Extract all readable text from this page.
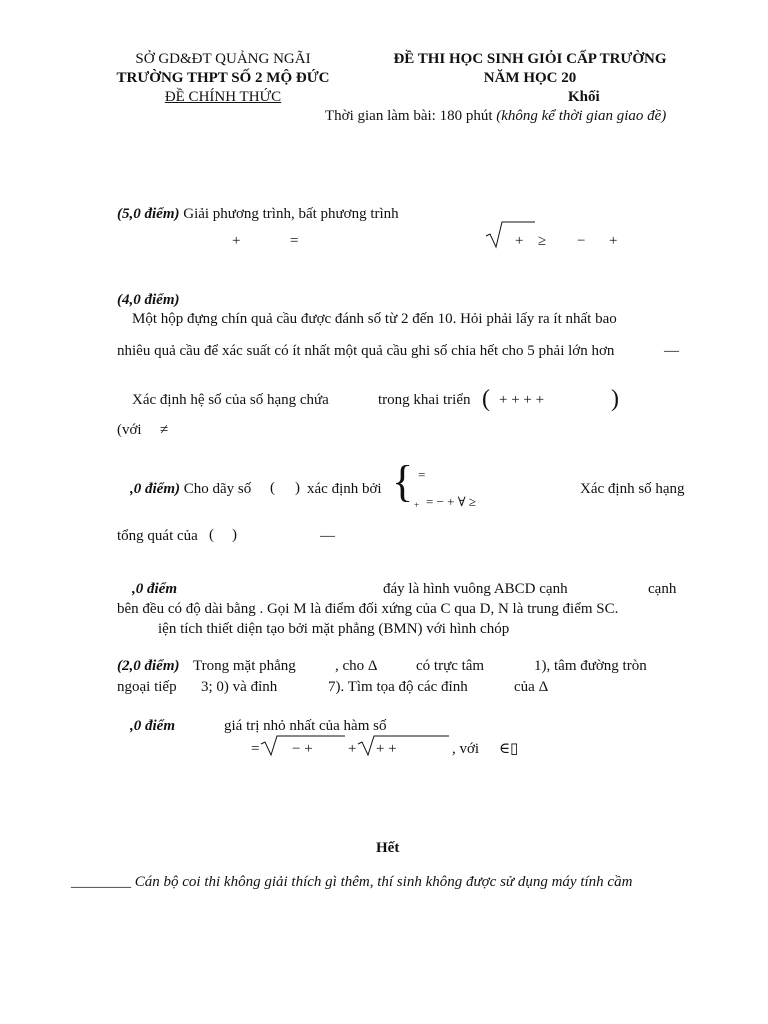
SỞ GD&ĐT QUẢNG NGÃI
TRƯỜNG THPT SỐ 2 MỘ ĐỨC
ĐỀ CHÍNH THỨC
ĐỀ THI HỌC SINH GIỎI CẤP TRƯỜNG
NĂM HỌC 20
Khối
Thời gian làm bài: 180 phút (không kể thời gian giao đề)
(5,0 điểm) Giải phương trình, bất phương trình
+	=	+ ≥ − +
(4,0 điểm)
Một hộp đựng chín quả cầu được đánh số từ 2 đến 10. Hỏi phải lấy ra ít nhất bao
nhiêu quả cầu để xác suất có ít nhất một quả cầu ghi số chia hết cho 5 phải lớn hơn	—
Xác định hệ số của số hạng chứa	trong khai triển ( + + + +	)
(với ≠
,0 điểm) Cho dãy số ( ) xác định bởi { =
+ = − + ∀ ≥
Xác định số hạng
tổng quát của ( )	—
,0 điểm	đáy là hình vuông ABCD cạnh	cạnh
bên đều có độ dài bằng . Gọi M là điểm đối xứng của C qua D, N là trung điểm SC.
iện tích thiết diện tạo bởi mặt phẳng (BMN) với hình chóp
(2,0 điểm) Trong mặt phẳng	, cho Δ	có trực tâm	1), tâm đường tròn
ngoại tiếp 3; 0) và đỉnh	7). Tìm tọa độ các đỉnh	của Δ
,0 điểm	giá trị nhỏ nhất của hàm số
= − + + + +	, với ∈ ▯
Hết
________ Cán bộ coi thi không giải thích gì thêm, thí sinh không được sử dụng máy tính cầm
